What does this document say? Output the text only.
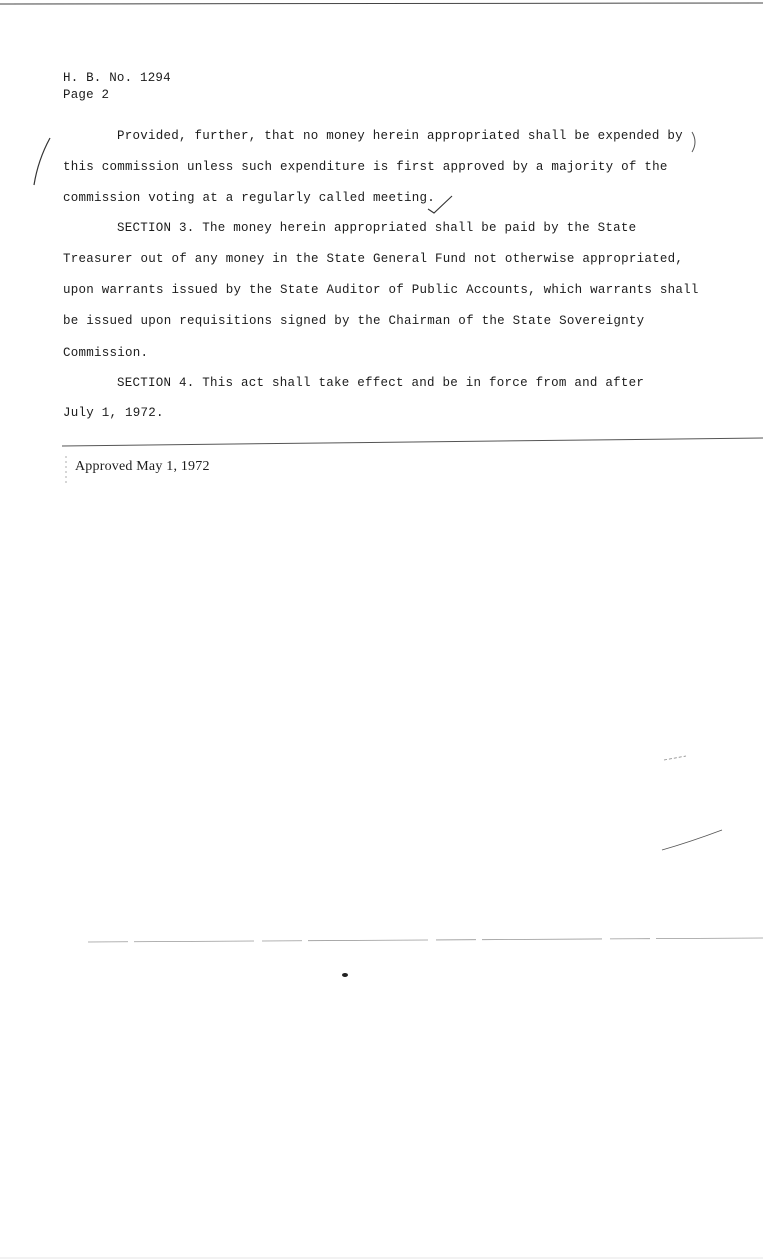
H. B. No. 1294
Page 2
Provided, further, that no money herein appropriated shall be expended by
this commission unless such expenditure is first approved by a majority of the
commission voting at a regularly called meeting.
SECTION 3. The money herein appropriated shall be paid by the State
Treasurer out of any money in the State General Fund not otherwise appropriated,
upon warrants issued by the State Auditor of Public Accounts, which warrants shall
be issued upon requisitions signed by the Chairman of the State Sovereignty
Commission.
SECTION 4. This act shall take effect and be in force from and after
July 1, 1972.
Approved May 1, 1972
